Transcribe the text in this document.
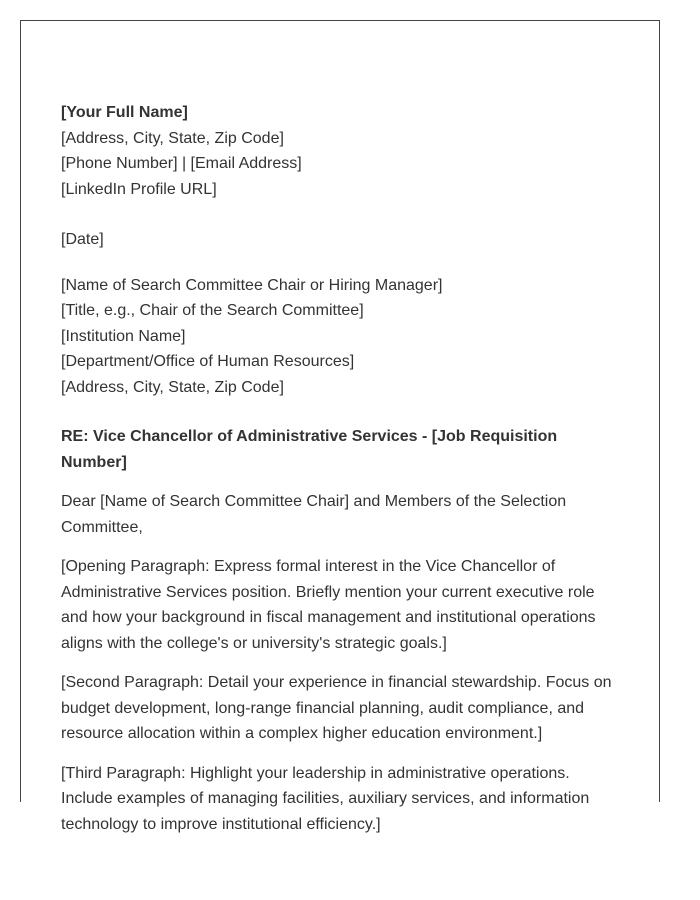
[Your Full Name]
[Address, City, State, Zip Code]
[Phone Number] | [Email Address]
[LinkedIn Profile URL]
[Date]
[Name of Search Committee Chair or Hiring Manager]
[Title, e.g., Chair of the Search Committee]
[Institution Name]
[Department/Office of Human Resources]
[Address, City, State, Zip Code]

RE: Vice Chancellor of Administrative Services - [Job Requisition Number]

Dear [Name of Search Committee Chair] and Members of the Selection Committee,

[Opening Paragraph: Express formal interest in the Vice Chancellor of Administrative Services position. Briefly mention your current executive role and how your background in fiscal management and institutional operations aligns with the college's or university's strategic goals.]

[Second Paragraph: Detail your experience in financial stewardship. Focus on budget development, long-range financial planning, audit compliance, and resource allocation within a complex higher education environment.]

[Third Paragraph: Highlight your leadership in administrative operations. Include examples of managing facilities, auxiliary services, and information technology to improve institutional efficiency.]
